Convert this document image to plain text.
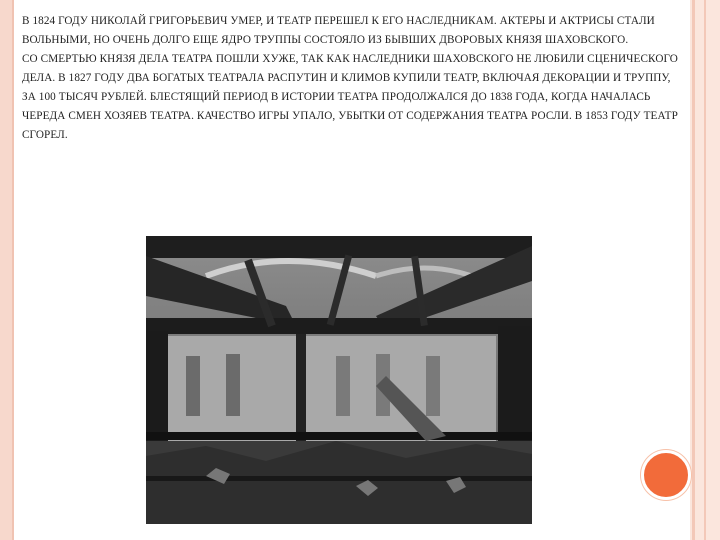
В 1824 ГОДУ НИКОЛАЙ ГРИГОРЬЕВИЧ УМЕР, И ТЕАТР ПЕРЕШЕЛ К ЕГО НАСЛЕДНИКАМ. АКТЕРЫ И АКТРИСЫ СТАЛИ ВОЛЬНЫМИ, НО ОЧЕНЬ ДОЛГО ЕЩЕ ЯДРО ТРУППЫ СОСТОЯЛО ИЗ БЫВШИХ ДВОРОВЫХ КНЯЗЯ ШАХОВСКОГО.

СО СМЕРТЬЮ КНЯЗЯ ДЕЛА ТЕАТРА ПОШЛИ ХУЖЕ, ТАК КАК НАСЛЕДНИКИ ШАХОВСКОГО НЕ ЛЮБИЛИ СЦЕНИЧЕСКОГО ДЕЛА. В 1827 ГОДУ ДВА БОГАТЫХ ТЕАТРАЛА РАСПУТИН И КЛИМОВ КУПИЛИ ТЕАТР, ВКЛЮЧАЯ ДЕКОРАЦИИ И ТРУППУ, ЗА 100 ТЫСЯЧ РУБЛЕЙ. БЛЕСТЯЩИЙ ПЕРИОД В ИСТОРИИ ТЕАТРА ПРОДОЛЖАЛСЯ ДО 1838 ГОДА, КОГДА НАЧАЛАСЬ ЧЕРЕДА СМЕН ХОЗЯЕВ ТЕАТРА. КАЧЕСТВО ИГРЫ УПАЛО, УБЫТКИ ОТ СОДЕРЖАНИЯ ТЕАТРА РОСЛИ. В 1853 ГОДУ ТЕАТР СГОРЕЛ.
